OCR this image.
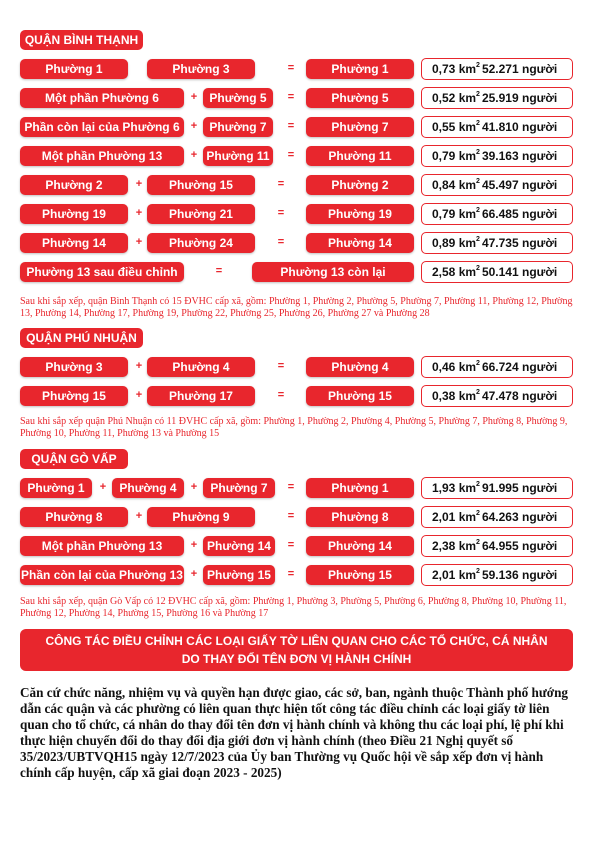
QUẬN BÌNH THẠNH
Phường 1	Phường 3	=	Phường 1	0,73 $km^2$ 52.271 người
Một phần Phường 6	+	Phường 5	=	Phường 5	0,52 $km^2$ 25.919 người
Phần còn lại của Phường 6	+	Phường 7	=	Phường 7	0,55 $km^2$ 41.810 người
Một phần Phường 13	+ Phường 11	=	Phường 11	0,79 $km^2$ 39.163 người
Phường 2	+	Phường 15	=	Phường 2	0,84 $km^2$ 45.497 người
Phường 19	+	Phường 21	=	Phường 19	0,79 $km^2$ 66.485 người
Phường 14	+	Phường 24	=	Phường 14	0,89 $km^2$ 47.735 người
Phường 13 sau điều chỉnh	=	Phường 13 còn lại	2,58 $km^2$ 50.141 người
Sau khi sắp xếp, quận Bình Thạnh có 15 ĐVHC cấp xã, gồm: Phường 1, Phường 2, Phường 5, Phường 7, Phường 11, Phường 12, Phường 13, Phường 14, Phường 17, Phường 19, Phường 22, Phường 25, Phường 26, Phường 27 và Phường 28
QUẬN PHÚ NHUẬN
Phường 3	+	Phường 4	=	Phường 4	0,46 $km^2$ 66.724 người
Phường 15	+	Phường 17	=	Phường 15	0,38 $km^2$ 47.478 người
Sau khi sắp xếp quận Phú Nhuận có 11 ĐVHC cấp xã, gồm: Phường 1, Phường 2, Phường 4, Phường 5, Phường 7, Phường 8, Phường 9, Phường 10, Phường 11, Phường 13 và Phường 15
QUẬN GÒ VẤP
Phường 1	+	Phường 4	+	Phường 7	=	Phường 1	1,93 $km^2$ 91.995 người
Phường 8	+	Phường 9	=	Phường 8	2,01 $km^2$ 64.263 người
Một phần Phường 13	+ Phường 14	=	Phường 14	2,38 $km^2$ 64.955 người
Phần còn lại của Phường 13 + Phường 15	=	Phường 15	2,01 $km^2$ 59.136 người
Sau khi sắp xếp, quận Gò Vấp có 12 ĐVHC cấp xã, gồm: Phường 1, Phường 3, Phường 5, Phường 6, Phường 8, Phường 10, Phường 11, Phường 12, Phường 14, Phường 15, Phường 16 và Phường 17
CÔNG TÁC ĐIỀU CHỈNH CÁC LOẠI GIẤY TỜ LIÊN QUAN CHO CÁC TỔ CHỨC, CÁ NHÂN
DO THAY ĐỔI TÊN ĐƠN VỊ HÀNH CHÍNH
Căn cứ chức năng, nhiệm vụ và quyền hạn được giao, các sở, ban, ngành thuộc Thành phố hướng dẫn các quận và các phường có liên quan thực hiện tốt công tác điều chỉnh các loại giấy tờ liên quan cho tổ chức, cá nhân do thay đổi tên đơn vị hành chính và không thu các loại phí, lệ phí khi thực hiện chuyển đổi do thay đổi địa giới đơn vị hành chính (theo Điều 21 Nghị quyết số 35/2023/UBTVQH15 ngày 12/7/2023 của Ủy ban Thường vụ Quốc hội về sắp xếp đơn vị hành chính cấp huyện, cấp xã giai đoạn 2023 - 2025)
